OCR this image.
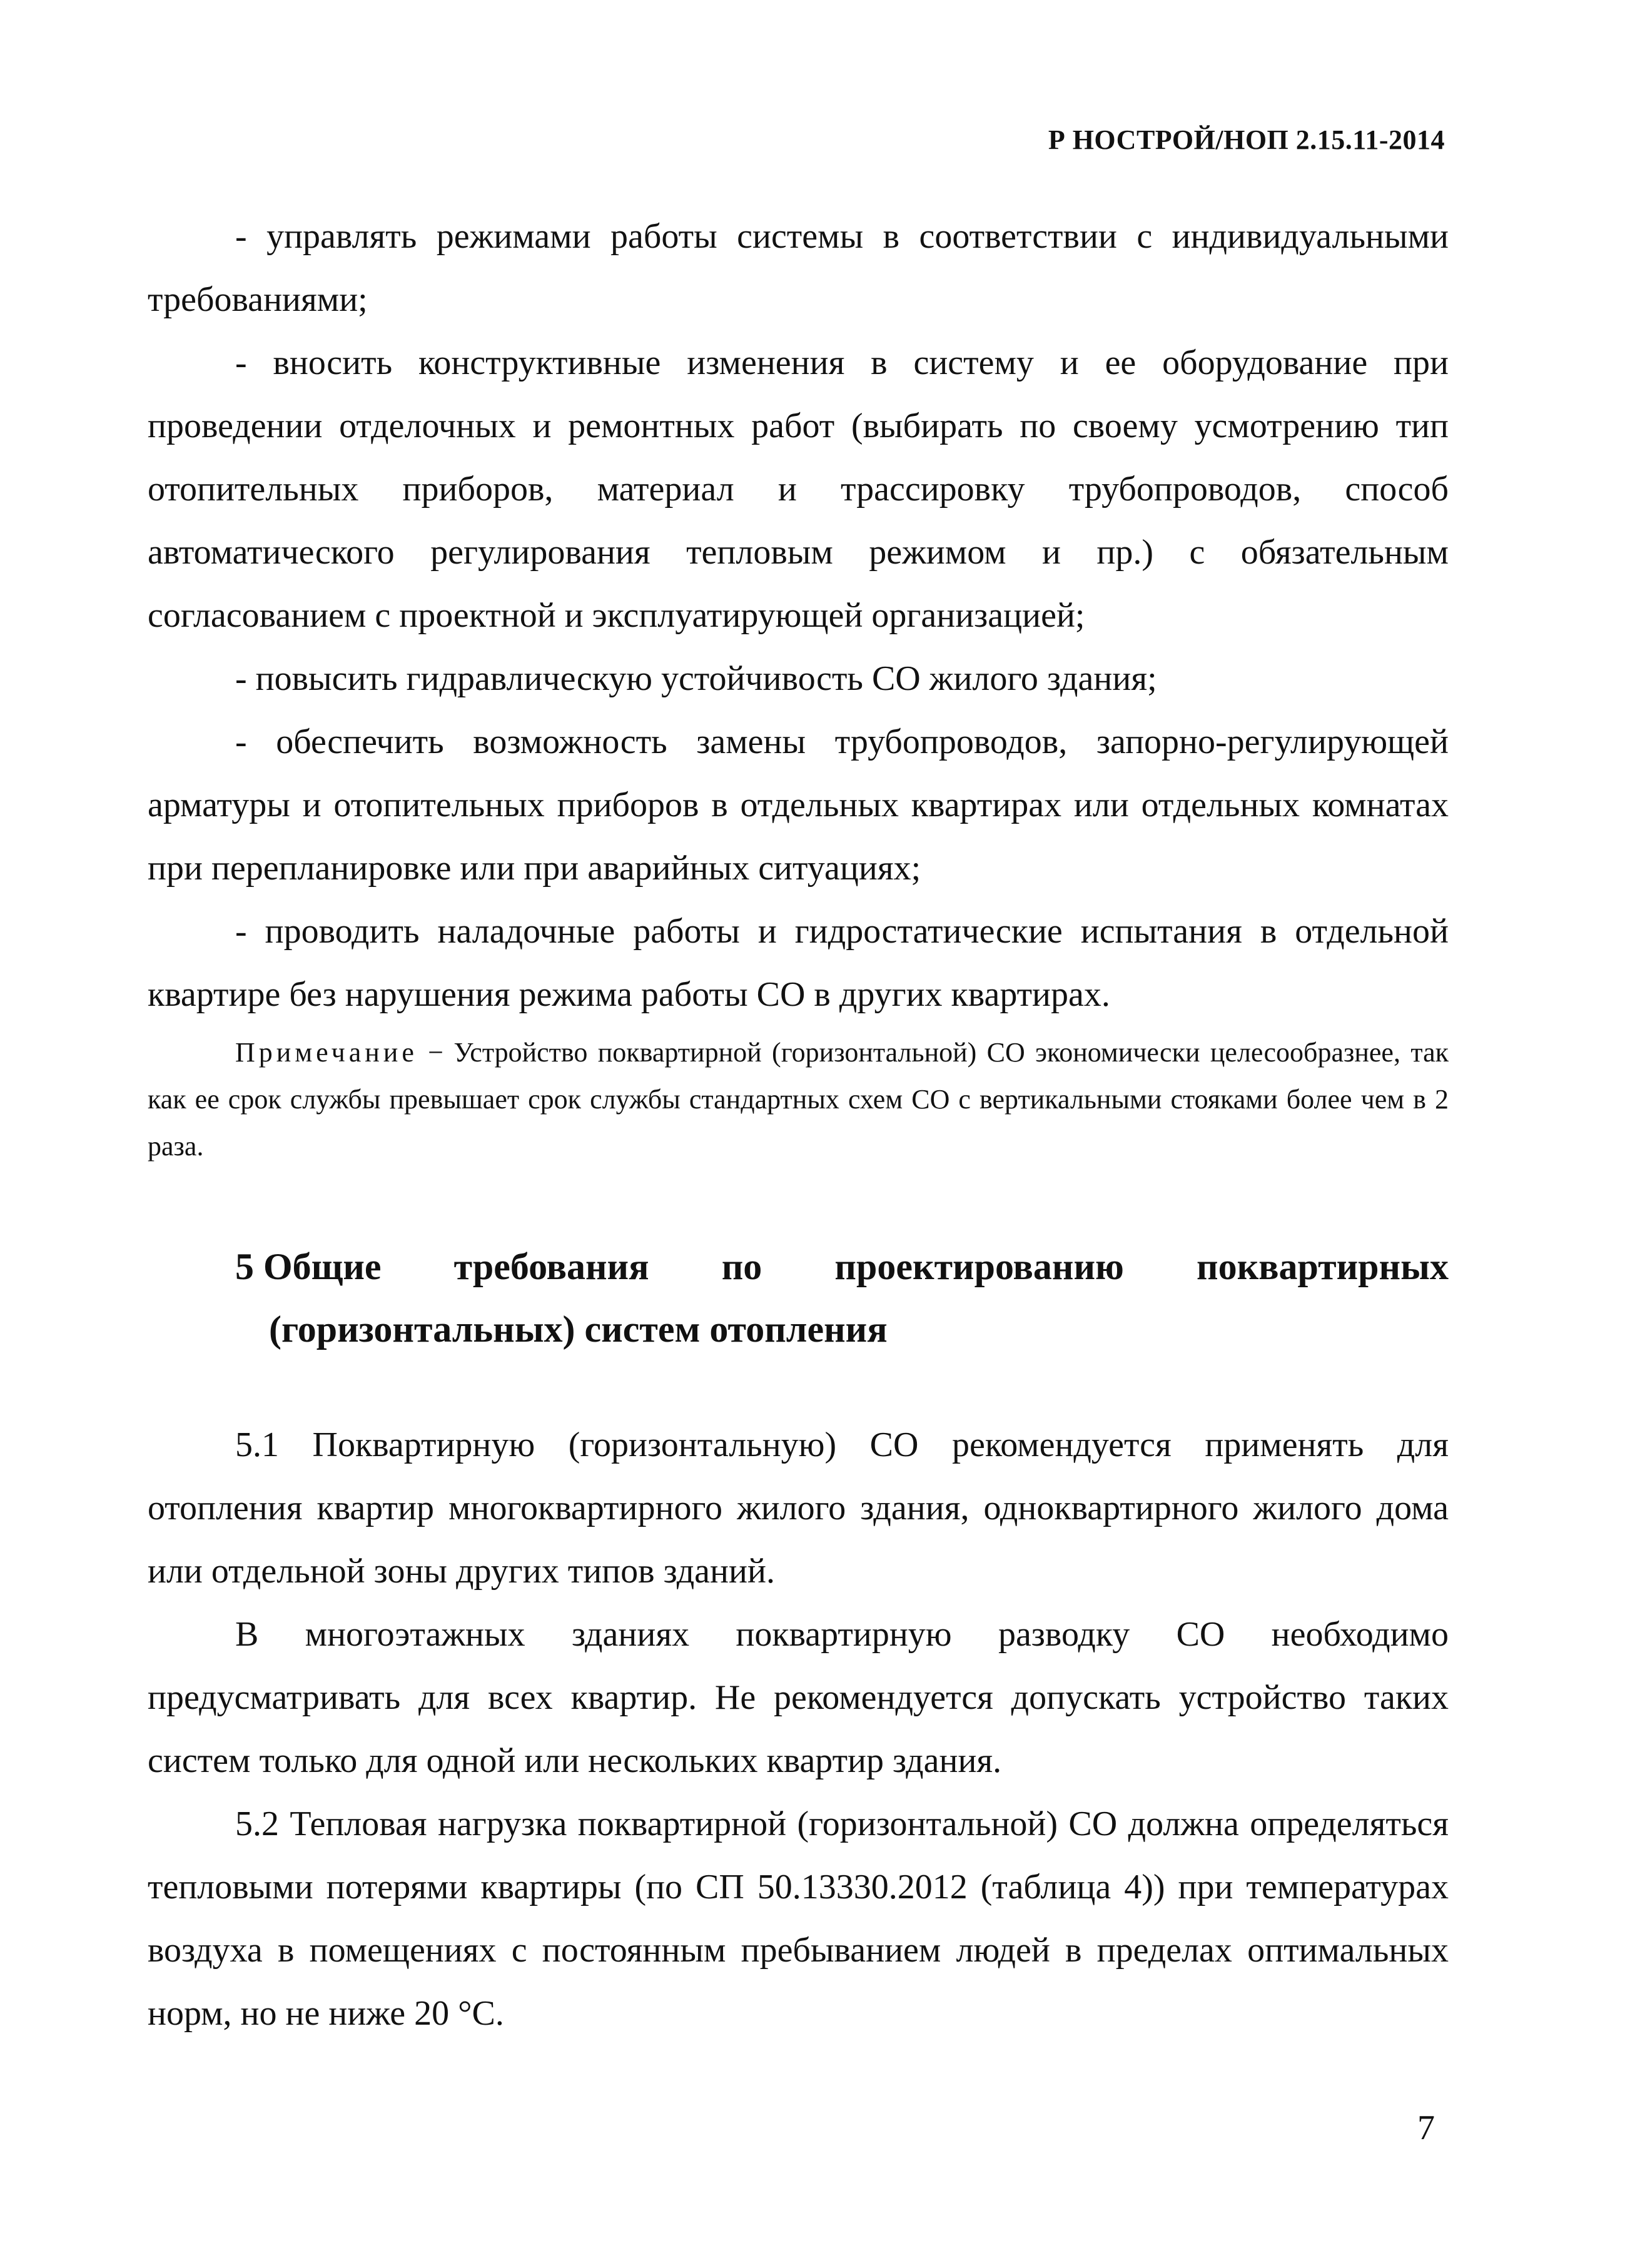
Р НОСТРОЙ/НОП 2.15.11-2014

- управлять режимами работы системы в соответствии с индивидуальными требованиями;

- вносить конструктивные изменения в систему и ее оборудование при проведении отделочных и ремонтных работ (выбирать по своему усмотрению тип отопительных приборов, материал и трассировку трубопроводов, способ автоматического регулирования тепловым режимом и пр.) с обязательным согласованием с проектной и эксплуатирующей организацией;

- повысить гидравлическую устойчивость СО жилого здания;

- обеспечить возможность замены трубопроводов, запорно-регулирующей арматуры и отопительных приборов в отдельных квартирах или отдельных комнатах при перепланировке или при аварийных ситуациях;

- проводить наладочные работы и гидростатические испытания в отдельной квартире без нарушения режима работы СО в других квартирах.

Примечание − Устройство поквартирной (горизонтальной) СО экономически целесообразнее, так как ее срок службы превышает срок службы стандартных схем СО с вертикальными стояками более чем в 2 раза.

5 Общие требования по проектированию поквартирных
(горизонтальных) систем отопления

5.1 Поквартирную (горизонтальную) СО рекомендуется применять для отопления квартир многоквартирного жилого здания, одноквартирного жилого дома или отдельной зоны других типов зданий.

В многоэтажных зданиях поквартирную разводку СО необходимо предусматривать для всех квартир. Не рекомендуется допускать устройство таких систем только для одной или нескольких квартир здания.

5.2 Тепловая нагрузка поквартирной (горизонтальной) СО должна определяться тепловыми потерями квартиры (по СП 50.13330.2012 (таблица 4)) при температурах воздуха в помещениях с постоянным пребыванием людей в пределах оптимальных норм, но не ниже 20 °С.

7
